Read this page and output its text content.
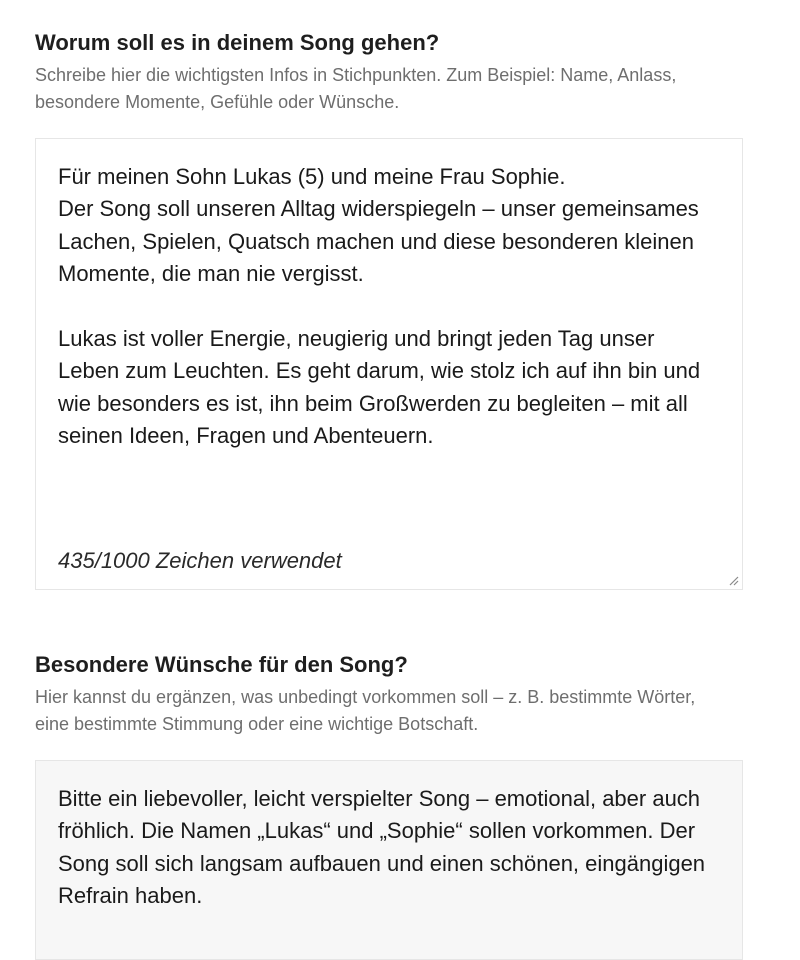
Worum soll es in deinem Song gehen?

Schreibe hier die wichtigsten Infos in Stichpunkten. Zum Beispiel: Name, Anlass, besondere Momente, Gefühle oder Wünsche.

Für meinen Sohn Lukas (5) und meine Frau Sophie.
Der Song soll unseren Alltag widerspiegeln – unser gemeinsames Lachen, Spielen, Quatsch machen und diese besonderen kleinen Momente, die man nie vergisst.

Lukas ist voller Energie, neugierig und bringt jeden Tag unser Leben zum Leuchten. Es geht darum, wie stolz ich auf ihn bin und wie besonders es ist, ihn beim Großwerden zu begleiten – mit all seinen Ideen, Fragen und Abenteuern.

435/1000 Zeichen verwendet
Besondere Wünsche für den Song?

Hier kannst du ergänzen, was unbedingt vorkommen soll – z. B. bestimmte Wörter, eine bestimmte Stimmung oder eine wichtige Botschaft.

Bitte ein liebevoller, leicht verspielter Song – emotional, aber auch fröhlich. Die Namen „Lukas“ und „Sophie“ sollen vorkommen. Der Song soll sich langsam aufbauen und einen schönen, eingängigen Refrain haben.
